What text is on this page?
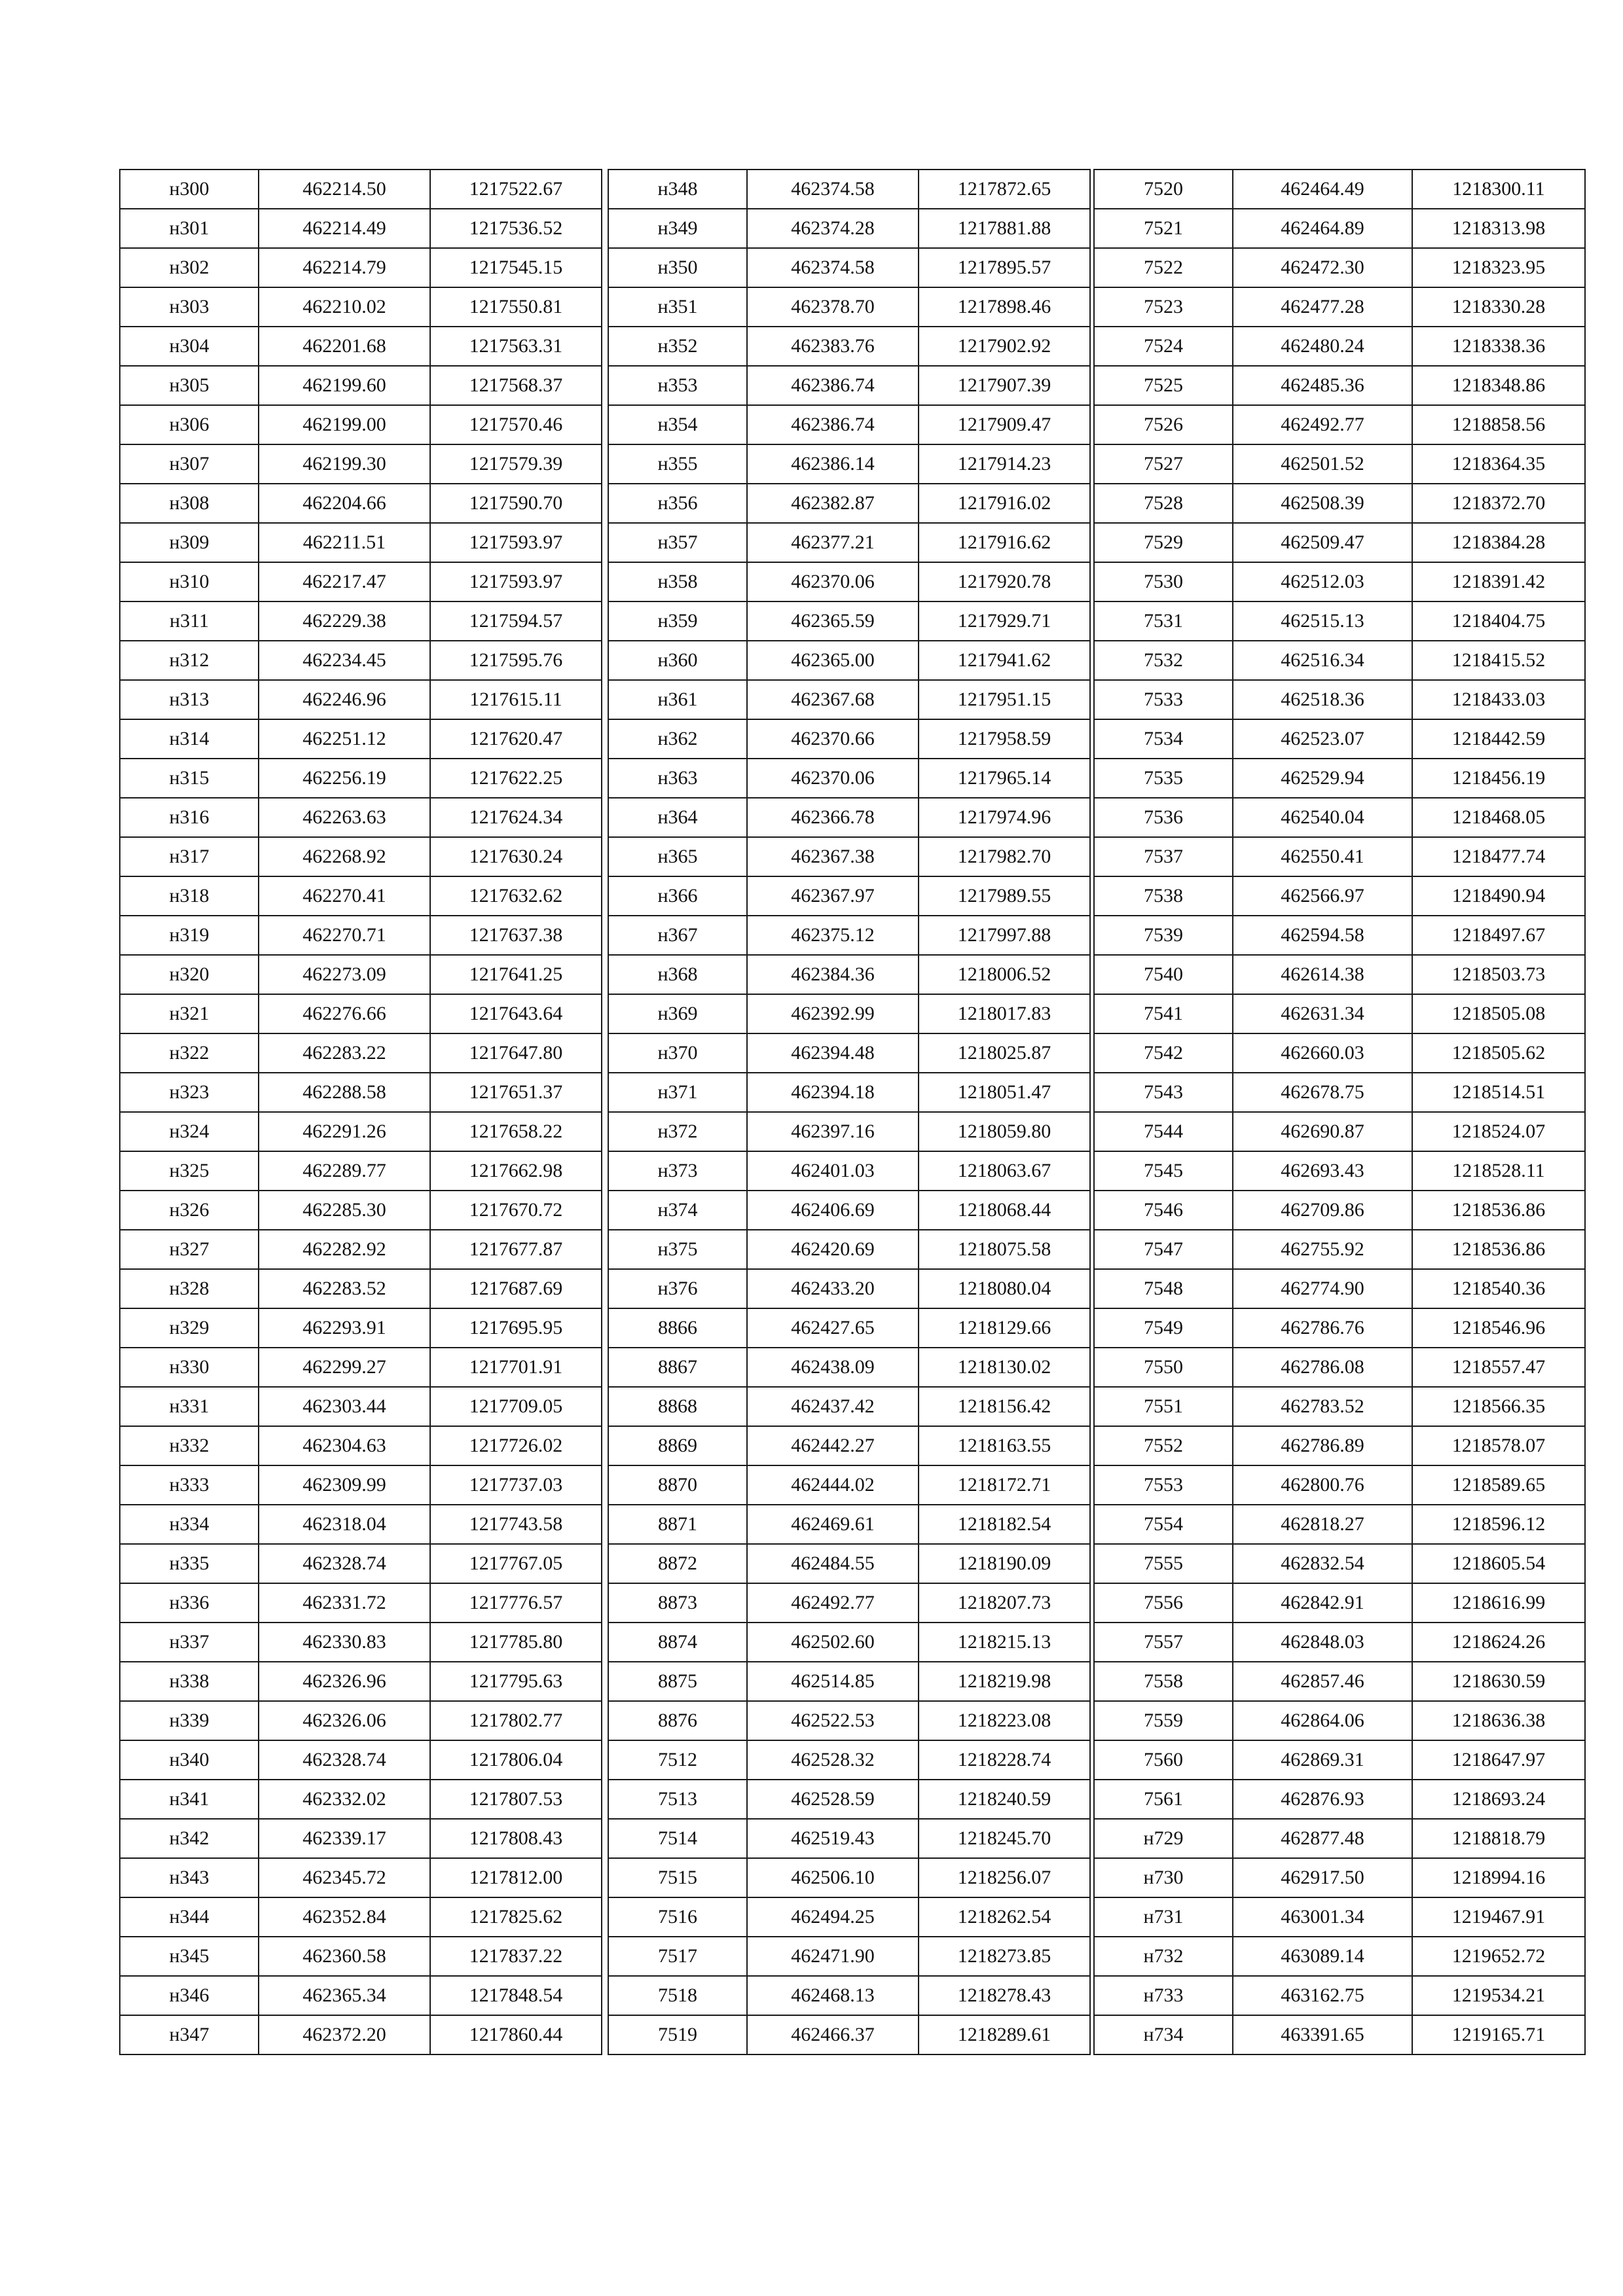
н300	462214.50	1217522.67
н301	462214.49	1217536.52
н302	462214.79	1217545.15
н303	462210.02	1217550.81
н304	462201.68	1217563.31
н305	462199.60	1217568.37
н306	462199.00	1217570.46
н307	462199.30	1217579.39
н308	462204.66	1217590.70
н309	462211.51	1217593.97
н310	462217.47	1217593.97
н311	462229.38	1217594.57
н312	462234.45	1217595.76
н313	462246.96	1217615.11
н314	462251.12	1217620.47
н315	462256.19	1217622.25
н316	462263.63	1217624.34
н317	462268.92	1217630.24
н318	462270.41	1217632.62
н319	462270.71	1217637.38
н320	462273.09	1217641.25
н321	462276.66	1217643.64
н322	462283.22	1217647.80
н323	462288.58	1217651.37
н324	462291.26	1217658.22
н325	462289.77	1217662.98
н326	462285.30	1217670.72
н327	462282.92	1217677.87
н328	462283.52	1217687.69
н329	462293.91	1217695.95
н330	462299.27	1217701.91
н331	462303.44	1217709.05
н332	462304.63	1217726.02
н333	462309.99	1217737.03
н334	462318.04	1217743.58
н335	462328.74	1217767.05
н336	462331.72	1217776.57
н337	462330.83	1217785.80
н338	462326.96	1217795.63
н339	462326.06	1217802.77
н340	462328.74	1217806.04
н341	462332.02	1217807.53
н342	462339.17	1217808.43
н343	462345.72	1217812.00
н344	462352.84	1217825.62
н345	462360.58	1217837.22
н346	462365.34	1217848.54
н347	462372.20	1217860.44
н348	462374.58	1217872.65
н349	462374.28	1217881.88
н350	462374.58	1217895.57
н351	462378.70	1217898.46
н352	462383.76	1217902.92
н353	462386.74	1217907.39
н354	462386.74	1217909.47
н355	462386.14	1217914.23
н356	462382.87	1217916.02
н357	462377.21	1217916.62
н358	462370.06	1217920.78
н359	462365.59	1217929.71
н360	462365.00	1217941.62
н361	462367.68	1217951.15
н362	462370.66	1217958.59
н363	462370.06	1217965.14
н364	462366.78	1217974.96
н365	462367.38	1217982.70
н366	462367.97	1217989.55
н367	462375.12	1217997.88
н368	462384.36	1218006.52
н369	462392.99	1218017.83
н370	462394.48	1218025.87
н371	462394.18	1218051.47
н372	462397.16	1218059.80
н373	462401.03	1218063.67
н374	462406.69	1218068.44
н375	462420.69	1218075.58
н376	462433.20	1218080.04
8866	462427.65	1218129.66
8867	462438.09	1218130.02
8868	462437.42	1218156.42
8869	462442.27	1218163.55
8870	462444.02	1218172.71
8871	462469.61	1218182.54
8872	462484.55	1218190.09
8873	462492.77	1218207.73
8874	462502.60	1218215.13
8875	462514.85	1218219.98
8876	462522.53	1218223.08
7512	462528.32	1218228.74
7513	462528.59	1218240.59
7514	462519.43	1218245.70
7515	462506.10	1218256.07
7516	462494.25	1218262.54
7517	462471.90	1218273.85
7518	462468.13	1218278.43
7519	462466.37	1218289.61
7520	462464.49	1218300.11
7521	462464.89	1218313.98
7522	462472.30	1218323.95
7523	462477.28	1218330.28
7524	462480.24	1218338.36
7525	462485.36	1218348.86
7526	462492.77	1218858.56
7527	462501.52	1218364.35
7528	462508.39	1218372.70
7529	462509.47	1218384.28
7530	462512.03	1218391.42
7531	462515.13	1218404.75
7532	462516.34	1218415.52
7533	462518.36	1218433.03
7534	462523.07	1218442.59
7535	462529.94	1218456.19
7536	462540.04	1218468.05
7537	462550.41	1218477.74
7538	462566.97	1218490.94
7539	462594.58	1218497.67
7540	462614.38	1218503.73
7541	462631.34	1218505.08
7542	462660.03	1218505.62
7543	462678.75	1218514.51
7544	462690.87	1218524.07
7545	462693.43	1218528.11
7546	462709.86	1218536.86
7547	462755.92	1218536.86
7548	462774.90	1218540.36
7549	462786.76	1218546.96
7550	462786.08	1218557.47
7551	462783.52	1218566.35
7552	462786.89	1218578.07
7553	462800.76	1218589.65
7554	462818.27	1218596.12
7555	462832.54	1218605.54
7556	462842.91	1218616.99
7557	462848.03	1218624.26
7558	462857.46	1218630.59
7559	462864.06	1218636.38
7560	462869.31	1218647.97
7561	462876.93	1218693.24
н729	462877.48	1218818.79
н730	462917.50	1218994.16
н731	463001.34	1219467.91
н732	463089.14	1219652.72
н733	463162.75	1219534.21
н734	463391.65	1219165.71
